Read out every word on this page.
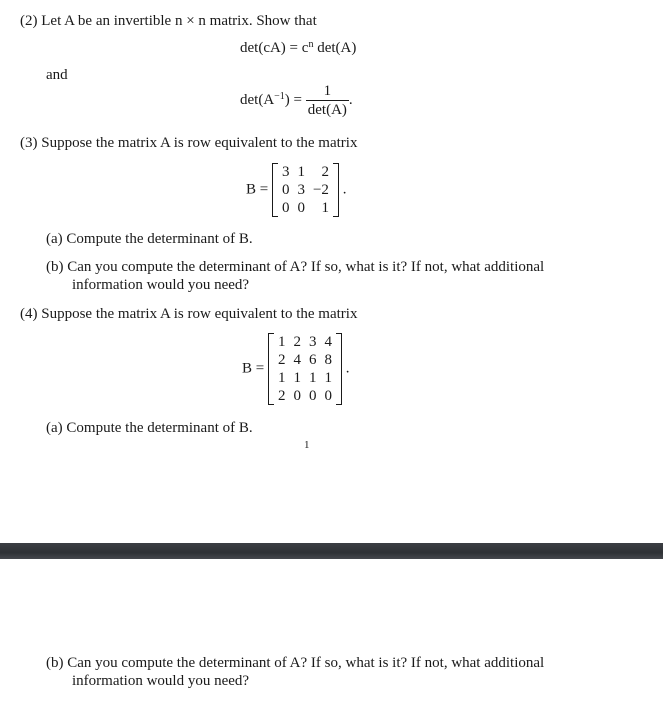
(2) Let A be an invertible n × n matrix. Show that
$\det(cA) = c^n$ det(A)
and
$\det(A^{-1}) = \frac{1}{\det(A)}$ .
(3) Suppose the matrix A is row equivalent to the matrix
B =
3	1	2
0	3	−2
0	0	1
.
(a) Compute the determinant of B.
(b) Can you compute the determinant of A? If so, what is it? If not, what additional
information would you need?
(4) Suppose the matrix A is row equivalent to the matrix
B =
1	2	3	4
2	4	6	8
1	1	1	1
2	0	0	0
.
(a) Compute the determinant of B.
1
(b) Can you compute the determinant of A? If so, what is it? If not, what additional
information would you need?
